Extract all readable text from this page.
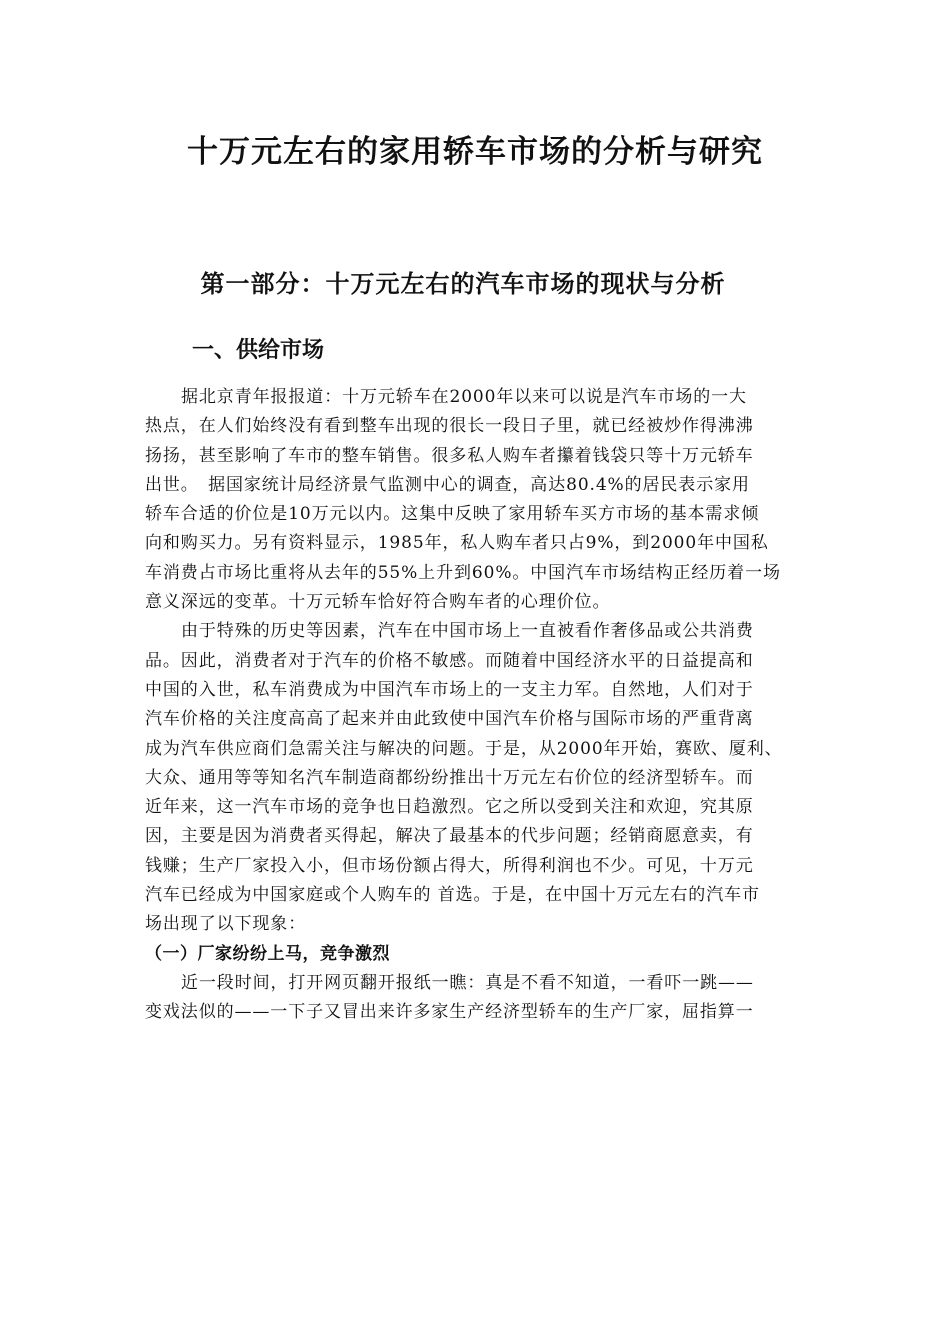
十万元左右的家用轿车市场的分析与研究
第一部分：十万元左右的汽车市场的现状与分析
一、供给市场
据北京青年报报道：十万元轿车在2000年以来可以说是汽车市场的一大
热点，在人们始终没有看到整车出现的很长一段日子里，就已经被炒作得沸沸
扬扬，甚至影响了车市的整车销售。很多私人购车者攥着钱袋只等十万元轿车
出世。　据国家统计局经济景气监测中心的调查，高达80.4%的居民表示家用
轿车合适的价位是10万元以内。这集中反映了家用轿车买方市场的基本需求倾
向和购买力。另有资料显示，1985年，私人购车者只占9%，到2000年中国私
车消费占市场比重将从去年的55%上升到60%。中国汽车市场结构正经历着一场
意义深远的变革。十万元轿车恰好符合购车者的心理价位。
由于特殊的历史等因素，汽车在中国市场上一直被看作奢侈品或公共消费
品。因此，消费者对于汽车的价格不敏感。而随着中国经济水平的日益提高和
中国的入世，私车消费成为中国汽车市场上的一支主力军。自然地，人们对于
汽车价格的关注度高高了起来并由此致使中国汽车价格与国际市场的严重背离
成为汽车供应商们急需关注与解决的问题。于是，从2000年开始，赛欧、厦利、
大众、通用等等知名汽车制造商都纷纷推出十万元左右价位的经济型轿车。而
近年来，这一汽车市场的竞争也日趋激烈。它之所以受到关注和欢迎，究其原
因，主要是因为消费者买得起，解决了最基本的代步问题；经销商愿意卖，有
钱赚；生产厂家投入小，但市场份额占得大，所得利润也不少。可见，十万元
汽车已经成为中国家庭或个人购车的 首选。于是，在中国十万元左右的汽车市
场出现了以下现象：
（一）厂家纷纷上马，竞争激烈
近一段时间，打开网页翻开报纸一瞧：真是不看不知道，一看吓一跳——
变戏法似的——一下子又冒出来许多家生产经济型轿车的生产厂家，屈指算一
